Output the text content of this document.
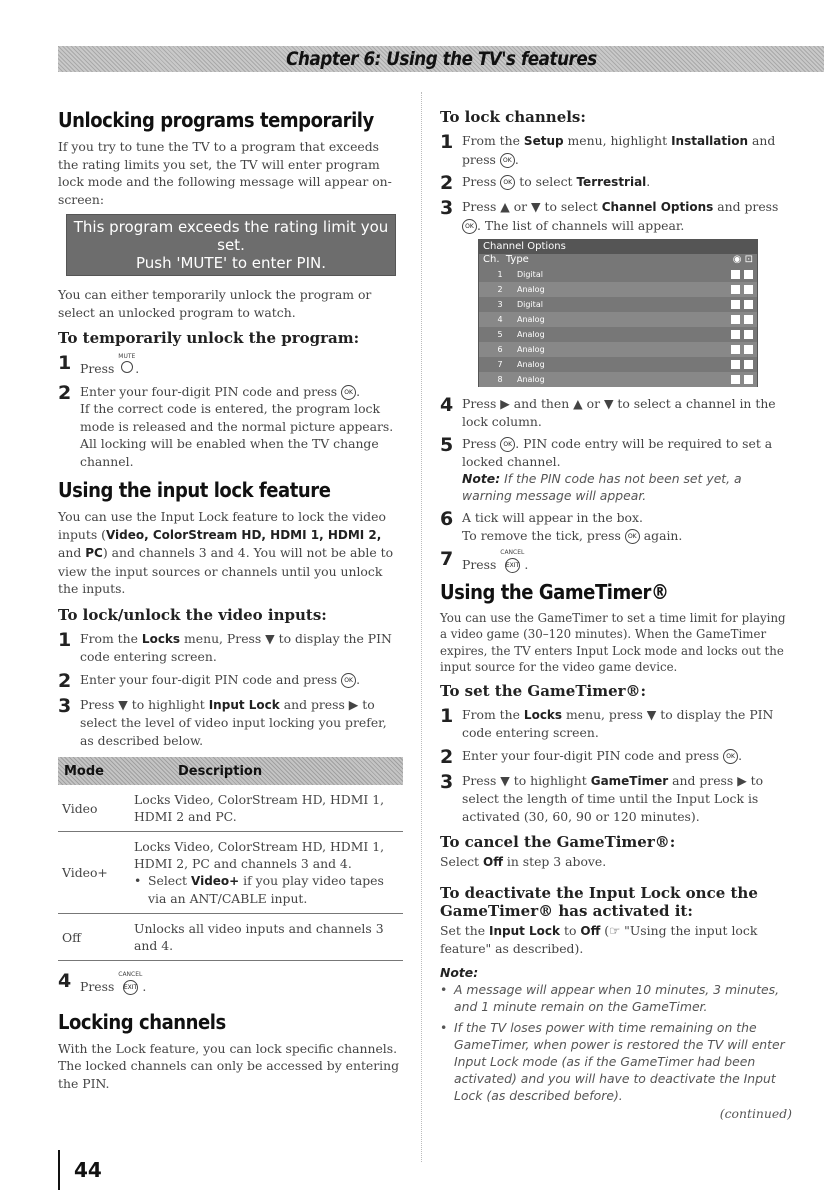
Chapter 6: Using the TV's features
Unlocking programs temporarily

If you try to tune the TV to a program that exceeds the rating limits you set, the TV will enter program lock mode and the following message will appear on-screen:

This program exceeds the rating limit you set.
Push 'MUTE' to enter PIN.

You can either temporarily unlock the program or select an unlocked program to watch.

To temporarily unlock the program:
1 Press
MUTE
.
2 Enter your four-digit PIN code and press OK .
If the correct code is entered, the program lock mode is released and the normal picture appears. All locking will be enabled when the TV change channel.
Using the input lock feature

You can use the Input Lock feature to lock the video inputs (Video, ColorStream HD, HDMI 1, HDMI 2, and PC) and channels 3 and 4. You will not be able to view the input sources or channels until you unlock the inputs.

To lock/unlock the video inputs:
1 From the Locks menu, Press ▼ to display the PIN code entering screen.
2 Enter your four-digit PIN code and press OK .
3 Press ▼ to highlight Input Lock and press ▶ to select the level of video input locking you prefer, as described below.
Mode	Description
Video	Locks Video, ColorStream HD, HDMI 1, HDMI 2 and PC.
Video+	Locks Video, ColorStream HD, HDMI 1, HDMI 2, PC and channels 3 and 4.
• Select Video+ if you play video tapes via an ANT/CABLE input.

Off	Unlocks all video inputs and channels 3 and 4.
4 Press
CANCEL
EXIT .
Locking channels

With the Lock feature, you can lock specific channels. The locked channels can only be accessed by entering the PIN.

To lock channels:
1 From the Setup menu, highlight Installation and press OK .
2 Press OK to select Terrestrial.
3 Press ▲ or ▼ to select Channel Options and press OK . The list of channels will appear.
Channel Options
Ch. Type	◉ ⊡
1	Digital
2	Analog
3	Digital
4	Analog
5	Analog
6	Analog
7	Analog
8	Analog
4 Press ▶ and then ▲ or ▼ to select a channel in the lock column.
5 Press OK . PIN code entry will be required to set a locked channel.
Note: If the PIN code has not been set yet, a warning message will appear.
6 A tick will appear in the box.
To remove the tick, press OK again.
7 Press
CANCEL
EXIT .
Using the GameTimer®

You can use the GameTimer to set a time limit for playing a video game (30–120 minutes). When the GameTimer expires, the TV enters Input Lock mode and locks out the input source for the video game device.

To set the GameTimer®:
1 From the Locks menu, press ▼ to display the PIN code entering screen.
2 Enter your four-digit PIN code and press OK .
3 Press ▼ to highlight GameTimer and press ▶ to select the length of time until the Input Lock is activated (30, 60, 90 or 120 minutes).
To cancel the GameTimer®:

Select Off in step 3 above.

To deactivate the Input Lock once the GameTimer® has activated it:

Set the Input Lock to Off (☞ "Using the input lock feature" as described).

Note:
• A message will appear when 10 minutes, 3 minutes, and 1 minute remain on the GameTimer.
• If the TV loses power with time remaining on the GameTimer, when power is restored the TV will enter Input Lock mode (as if the GameTimer had been activated) and you will have to deactivate the Input Lock (as described before).
(continued)
44
